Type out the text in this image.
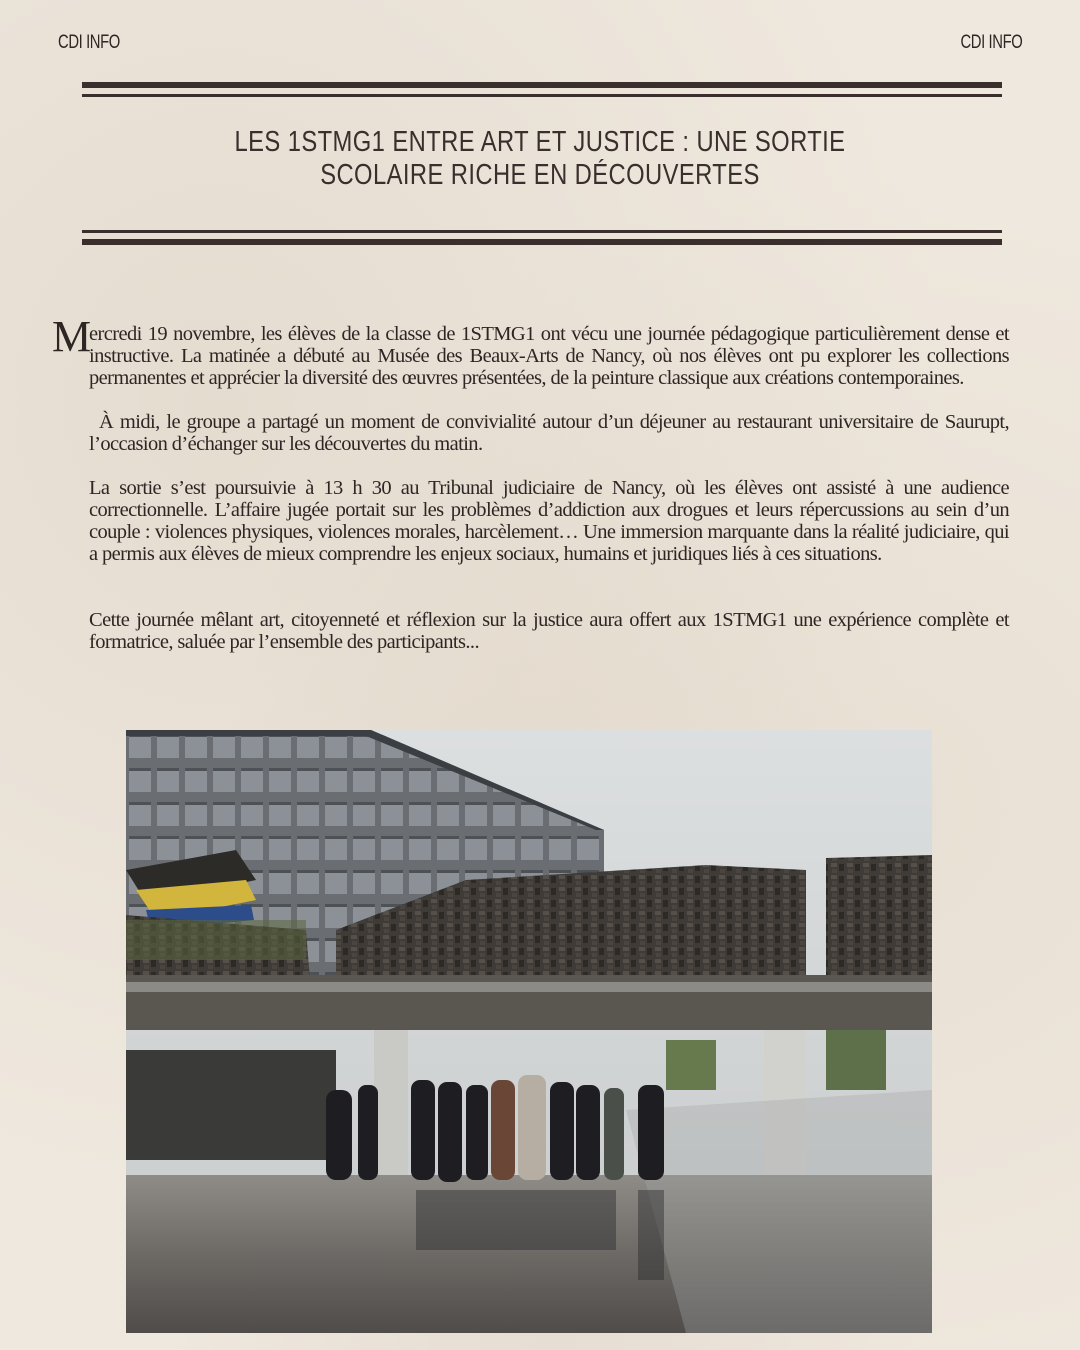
CDI INFO	CDI INFO
LES 1STMG1 ENTRE ART ET JUSTICE : UNE SORTIE SCOLAIRE RICHE EN DÉCOUVERTES
M

ercredi 19 novembre, les élèves de la classe de 1STMG1 ont vécu une journée pédagogique particulièrement dense et instructive. La matinée a débuté au Musée des Beaux-Arts de Nancy, où nos élèves ont pu explorer les collections permanentes et apprécier la diversité des œuvres présentées, de la peinture classique aux créations contemporaines.

À midi, le groupe a partagé un moment de convivialité autour d’un déjeuner au restaurant universitaire de Saurupt, l’occasion d’échanger sur les découvertes du matin.

La sortie s’est poursuivie à 13 h 30 au Tribunal judiciaire de Nancy, où les élèves ont assisté à une audience correctionnelle. L’affaire jugée portait sur les problèmes d’addiction aux drogues et leurs répercussions au sein d’un couple : violences physiques, violences morales, harcèlement… Une immersion marquante dans la réalité judiciaire, qui a permis aux élèves de mieux comprendre les enjeux sociaux, humains et juridiques liés à ces situations.

Cette journée mêlant art, citoyenneté et réflexion sur la justice aura offert aux 1STMG1 une expérience complète et formatrice, saluée par l’ensemble des participants...
